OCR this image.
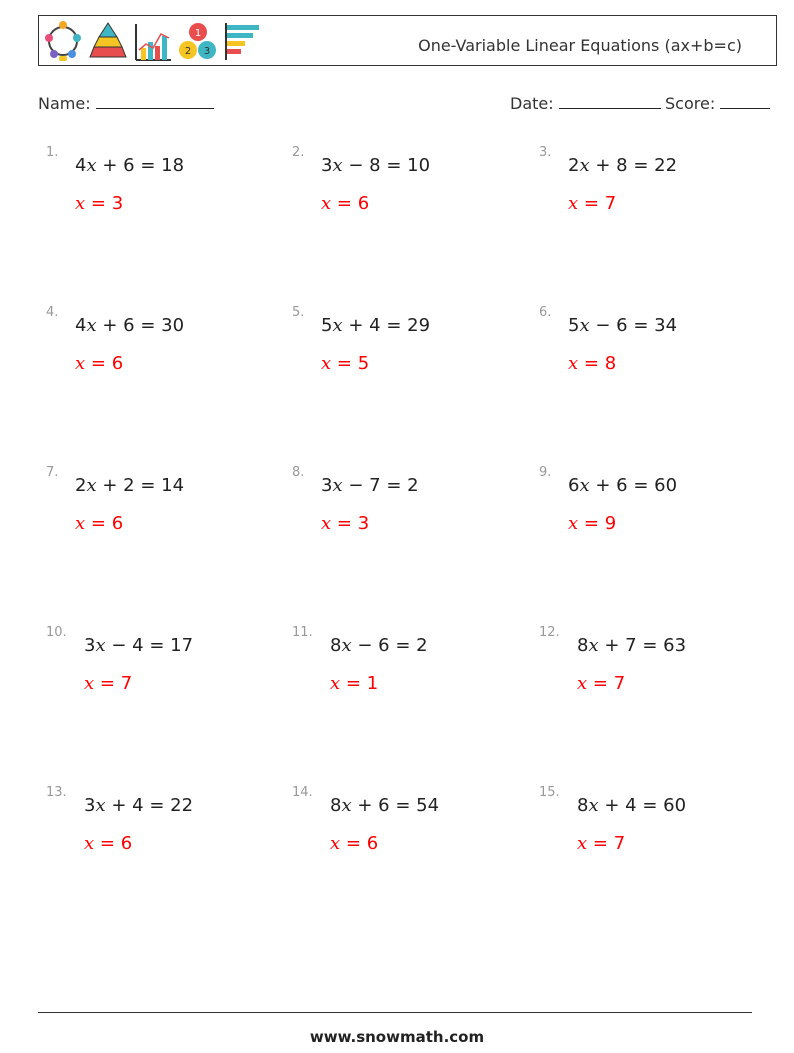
1
2 3	One-Variable Linear Equations (ax+b=c)
Name:	Date:	Score:
1.
4x + 6 = 18
x = 3
2.
3x − 8 = 10
x = 6
3.
2x + 8 = 22
x = 7
4.
4x + 6 = 30
x = 6
5.
5x + 4 = 29
x = 5
6.
5x − 6 = 34
x = 8
7.
2x + 2 = 14
x = 6
8.
3x − 7 = 2
x = 3
9.
6x + 6 = 60
x = 9
10.
3x − 4 = 17
x = 7
11.
8x − 6 = 2
x = 1
12.
8x + 7 = 63
x = 7
13.
3x + 4 = 22
x = 6
14.
8x + 6 = 54
x = 6
15.
8x + 4 = 60
x = 7
www.snowmath.com
